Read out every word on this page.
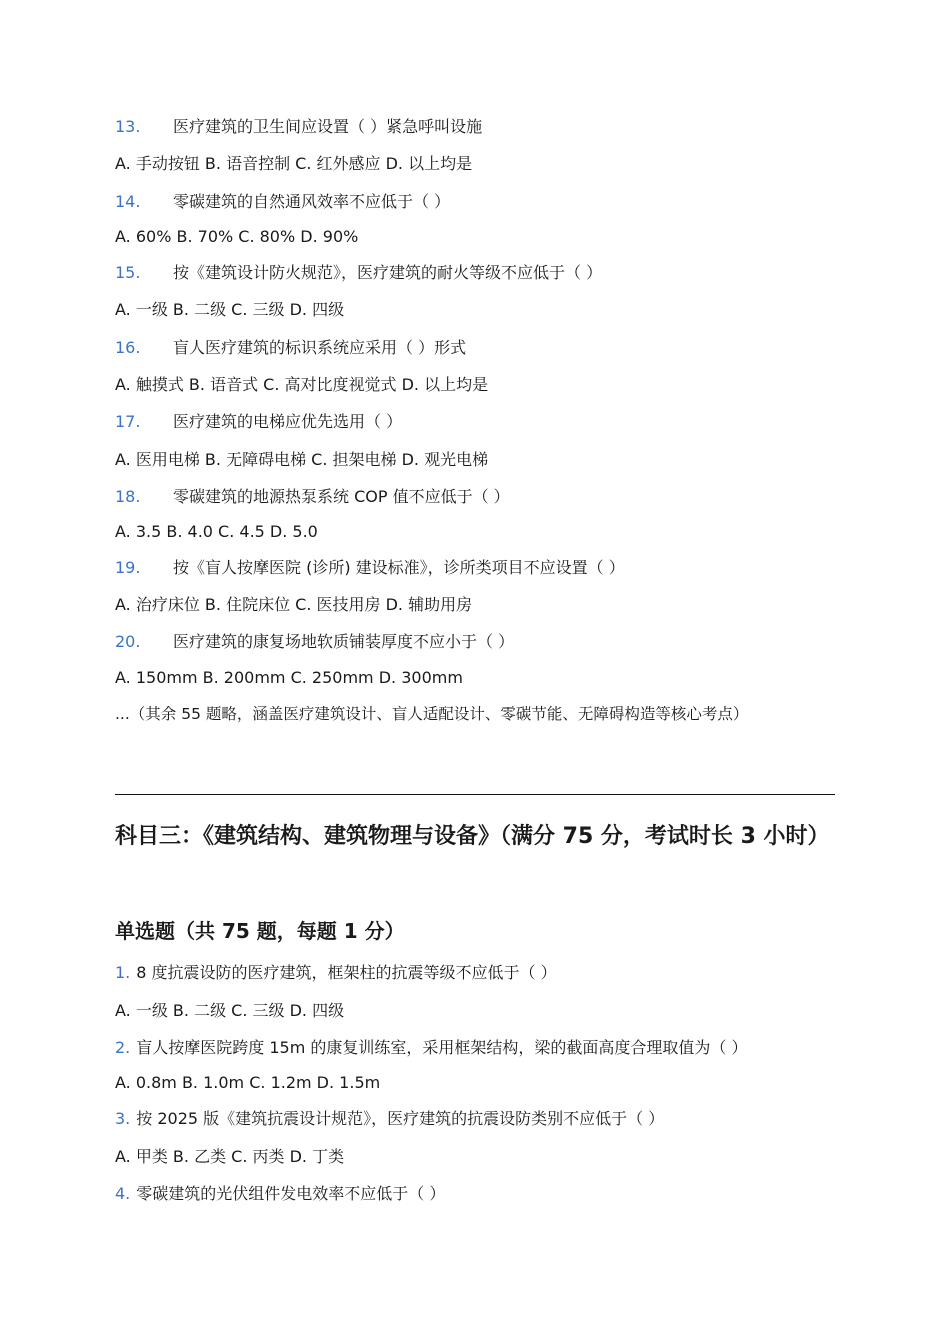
13. 医疗建筑的卫生间应设置（ ）紧急呼叫设施
A. 手动按钮 B. 语音控制 C. 红外感应 D. 以上均是
14. 零碳建筑的自然通风效率不应低于（ ）
A. 60% B. 70% C. 80% D. 90%
15. 按《建筑设计防火规范》，医疗建筑的耐火等级不应低于（ ）
A. 一级 B. 二级 C. 三级 D. 四级
16. 盲人医疗建筑的标识系统应采用（ ）形式
A. 触摸式 B. 语音式 C. 高对比度视觉式 D. 以上均是
17. 医疗建筑的电梯应优先选用（ ）
A. 医用电梯 B. 无障碍电梯 C. 担架电梯 D. 观光电梯
18. 零碳建筑的地源热泵系统 COP 值不应低于（ ）
A. 3.5 B. 4.0 C. 4.5 D. 5.0
19. 按《盲人按摩医院 (诊所) 建设标准》，诊所类项目不应设置（ ）
A. 治疗床位 B. 住院床位 C. 医技用房 D. 辅助用房
20. 医疗建筑的康复场地软质铺装厚度不应小于（ ）
A. 150mm B. 200mm C. 250mm D. 300mm
...（其余 55 题略，涵盖医疗建筑设计、盲人适配设计、零碳节能、无障碍构造等核心考点）
科目三：《建筑结构、建筑物理与设备》（满分 75 分，考试时长 3 小时）
单选题（共 75 题，每题 1 分）
1. 8 度抗震设防的医疗建筑，框架柱的抗震等级不应低于（ ）
A. 一级 B. 二级 C. 三级 D. 四级
2. 盲人按摩医院跨度 15m 的康复训练室，采用框架结构，梁的截面高度合理取值为（ ）
A. 0.8m B. 1.0m C. 1.2m D. 1.5m
3. 按 2025 版《建筑抗震设计规范》，医疗建筑的抗震设防类别不应低于（ ）
A. 甲类 B. 乙类 C. 丙类 D. 丁类
4. 零碳建筑的光伏组件发电效率不应低于（ ）
